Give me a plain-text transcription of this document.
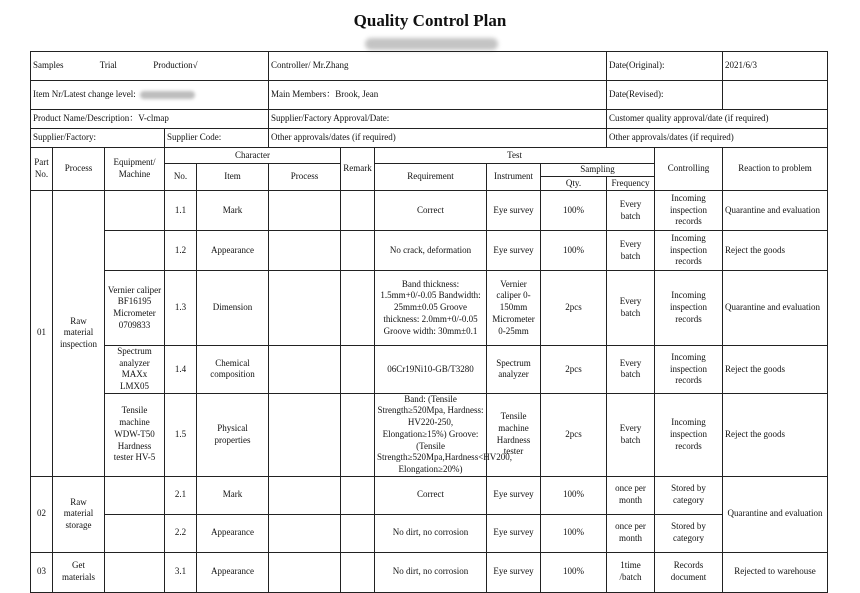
Quality Control Plan
Samples Trial Production√					Controller/ Mr.Zhang					Date(Original):		2021/6/3
Item Nr/Latest change level:					Main Members：Brook, Jean					Date(Revised):		
Product Name/Description：V-clmap					Supplier/Factory Approval/Date:					Customer quality approval/date (if required)		
Supplier/Factory:			Supplier Code:		Other approvals/dates (if required)					Other approvals/dates (if required)		
Part No.	Process	Equipment/ Machine	Character			Remark	Test				Controlling	Reaction to problem
			No.	Item	Process		Requirement	Instrument	Sampling			
									Qty.	Frequency		
01	Raw material inspection		1.1	Mark			Correct	Eye survey	100%	Every batch	Incoming inspection records	Quarantine and evaluation
			1.2	Appearance			No crack, deformation	Eye survey	100%	Every batch	Incoming inspection records	Reject the goods
		Vernier caliper BF16195 Micrometer 0709833	1.3	Dimension			Band thickness: 1.5mm+0/-0.05 Bandwidth: 25mm±0.05 Groove thickness: 2.0mm+0/-0.05 Groove width: 30mm±0.1	Vernier caliper 0-150mm Micrometer 0-25mm	2pcs	Every batch	Incoming inspection records	Quarantine and evaluation
		Spectrum analyzer MAXx LMX05	1.4	Chemical composition			06Cr19Ni10-GB/T3280	Spectrum analyzer	2pcs	Every batch	Incoming inspection records	Reject the goods
		Tensile machine WDW-T50 Hardness tester HV-5	1.5	Physical properties			Band: (Tensile Strength≥520Mpa, Hardness: HV220-250, Elongation≥15%) Groove: (Tensile Strength≥520Mpa,Hardness<HV200, Elongation≥20%)	Tensile machine Hardness tester	2pcs	Every batch	Incoming inspection records	Reject the goods
02	Raw material storage		2.1	Mark			Correct	Eye survey	100%	once per month	Stored by category	Quarantine and evaluation
			2.2	Appearance			No dirt, no corrosion	Eye survey	100%	once per month	Stored by category	
03	Get materials		3.1	Appearance			No dirt, no corrosion	Eye survey	100%	1time /batch	Records document	Rejected to warehouse
